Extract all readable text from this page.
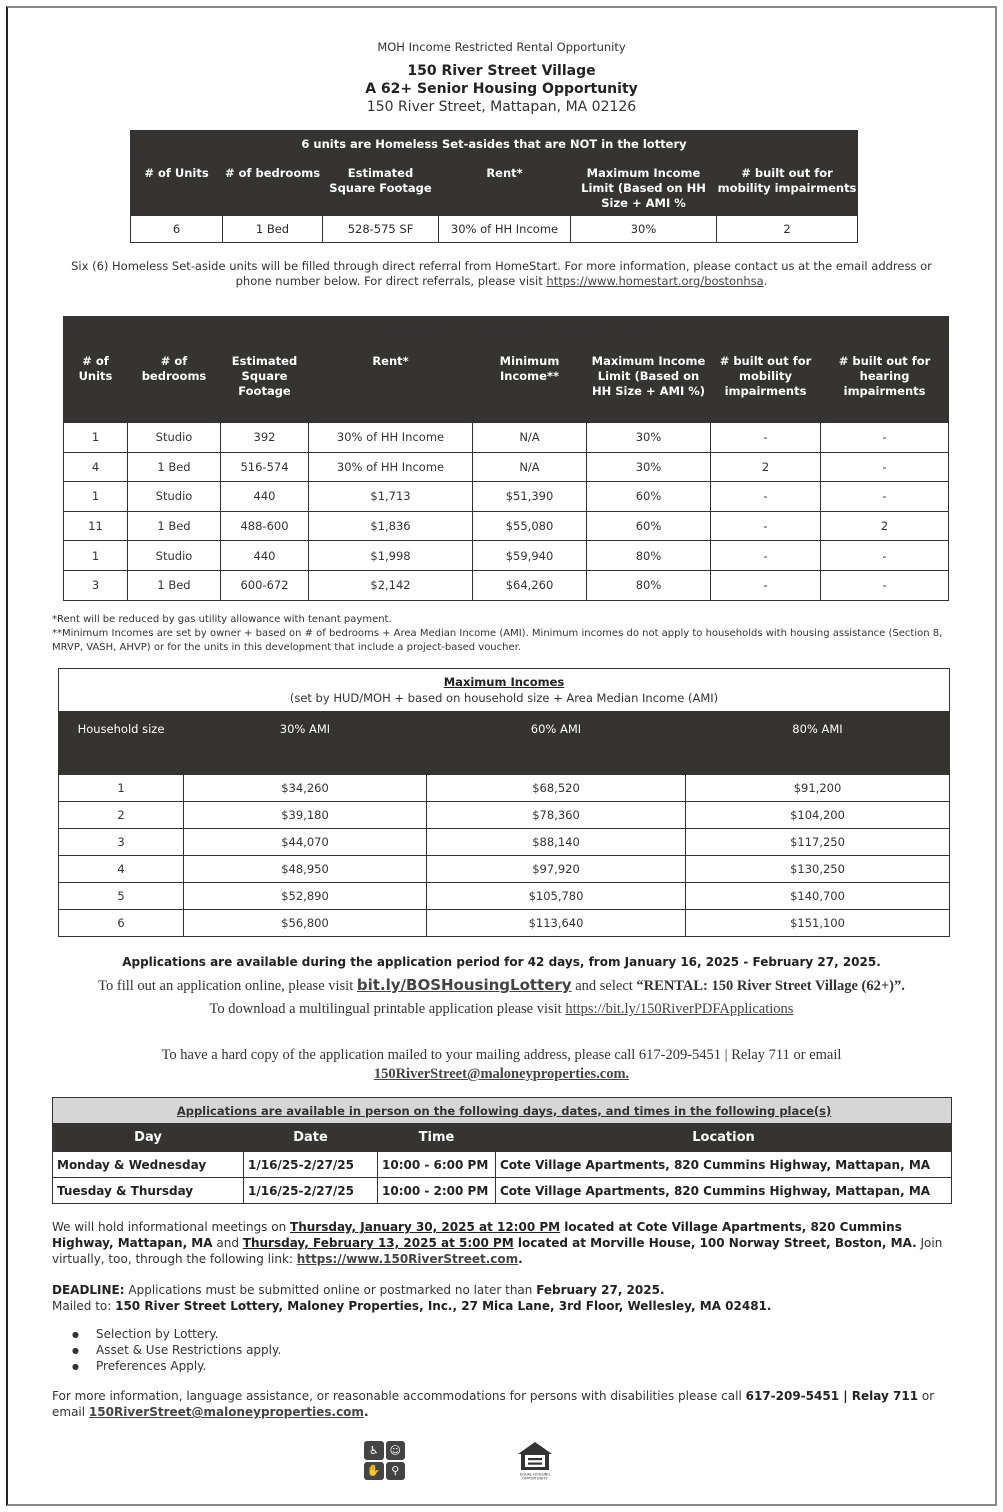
MOH Income Restricted Rental Opportunity
150 River Street Village
A 62+ Senior Housing Opportunity
150 River Street, Mattapan, MA 02126
6 units are Homeless Set-asides that are NOT in the lottery					
# of Units	# of bedrooms	Estimated Square Footage	Rent*	Maximum Income Limit (Based on HH Size + AMI %	# built out for mobility impairments
6	1 Bed	528-575 SF	30% of HH Income	30%	2
Six (6) Homeless Set-aside units will be filled through direct referral from HomeStart. For more information, please contact us at the email address or phone number below. For direct referrals, please visit https://www.homestart.org/bostonhsa.
21 Income-restricted units IN THE LOTTERY							
# of Units	# of bedrooms	Estimated Square Footage	Rent*	Minimum Income**	Maximum Income Limit (Based on HH Size + AMI %)	# built out for mobility impairments	# built out for hearing impairments
1	Studio	392	30% of HH Income	N/A	30%	-	-
4	1 Bed	516-574	30% of HH Income	N/A	30%	2	-
1	Studio	440	$1,713	$51,390	60%	-	-
11	1 Bed	488-600	$1,836	$55,080	60%	-	2
1	Studio	440	$1,998	$59,940	80%	-	-
3	1 Bed	600-672	$2,142	$64,260	80%	-	-
*Rent will be reduced by gas utility allowance with tenant payment.
**Minimum Incomes are set by owner + based on # of bedrooms + Area Median Income (AMI). Minimum incomes do not apply to households with housing assistance (Section 8, MRVP, VASH, AHVP) or for the units in this development that include a project-based voucher.
Maximum Incomes
(set by HUD/MOH + based on household size + Area Median Income (AMI)			

Household size	30% AMI	60% AMI	80% AMI

1	$34,260	$68,520	$91,200
2	$39,180	$78,360	$104,200
3	$44,070	$88,140	$117,250
4	$48,950	$97,920	$130,250
5	$52,890	$105,780	$140,700
6	$56,800	$113,640	$151,100
Applications are available during the application period for 42 days, from January 16, 2025 - February 27, 2025.
To fill out an application online, please visit bit.ly/BOSHousingLottery and select “RENTAL: 150 River Street Village (62+)”.
To download a multilingual printable application please visit https://bit.ly/150RiverPDFApplications
To have a hard copy of the application mailed to your mailing address, please call 617-209-5451 | Relay 711 or email
150RiverStreet@maloneyproperties.com.
Applications are available in person on the following days, dates, and times in the following place(s)			
Day	Date	Time	Location
Monday & Wednesday	1/16/25-2/27/25	10:00 - 6:00 PM	Cote Village Apartments, 820 Cummins Highway, Mattapan, MA
Tuesday & Thursday	1/16/25-2/27/25	10:00 - 2:00 PM	Cote Village Apartments, 820 Cummins Highway, Mattapan, MA
We will hold informational meetings on Thursday, January 30, 2025 at 12:00 PM located at Cote Village Apartments, 820 Cummins Highway, Mattapan, MA and Thursday, February 13, 2025 at 5:00 PM located at Morville House, 100 Norway Street, Boston, MA. Join virtually, too, through the following link: https://www.150RiverStreet.com.
DEADLINE: Applications must be submitted online or postmarked no later than February 27, 2025.
Mailed to: 150 River Street Lottery, Maloney Properties, Inc., 27 Mica Lane, 3rd Floor, Wellesley, MA 02481.
● Selection by Lottery.
● Asset & Use Restrictions apply.
● Preferences Apply.
For more information, language assistance, or reasonable accommodations for persons with disabilities please call 617-209-5451 | Relay 711 or email 150RiverStreet@maloneyproperties.com.
♿ ☺
✋ ⚲	EQUAL HOUSING
OPPORTUNITY
